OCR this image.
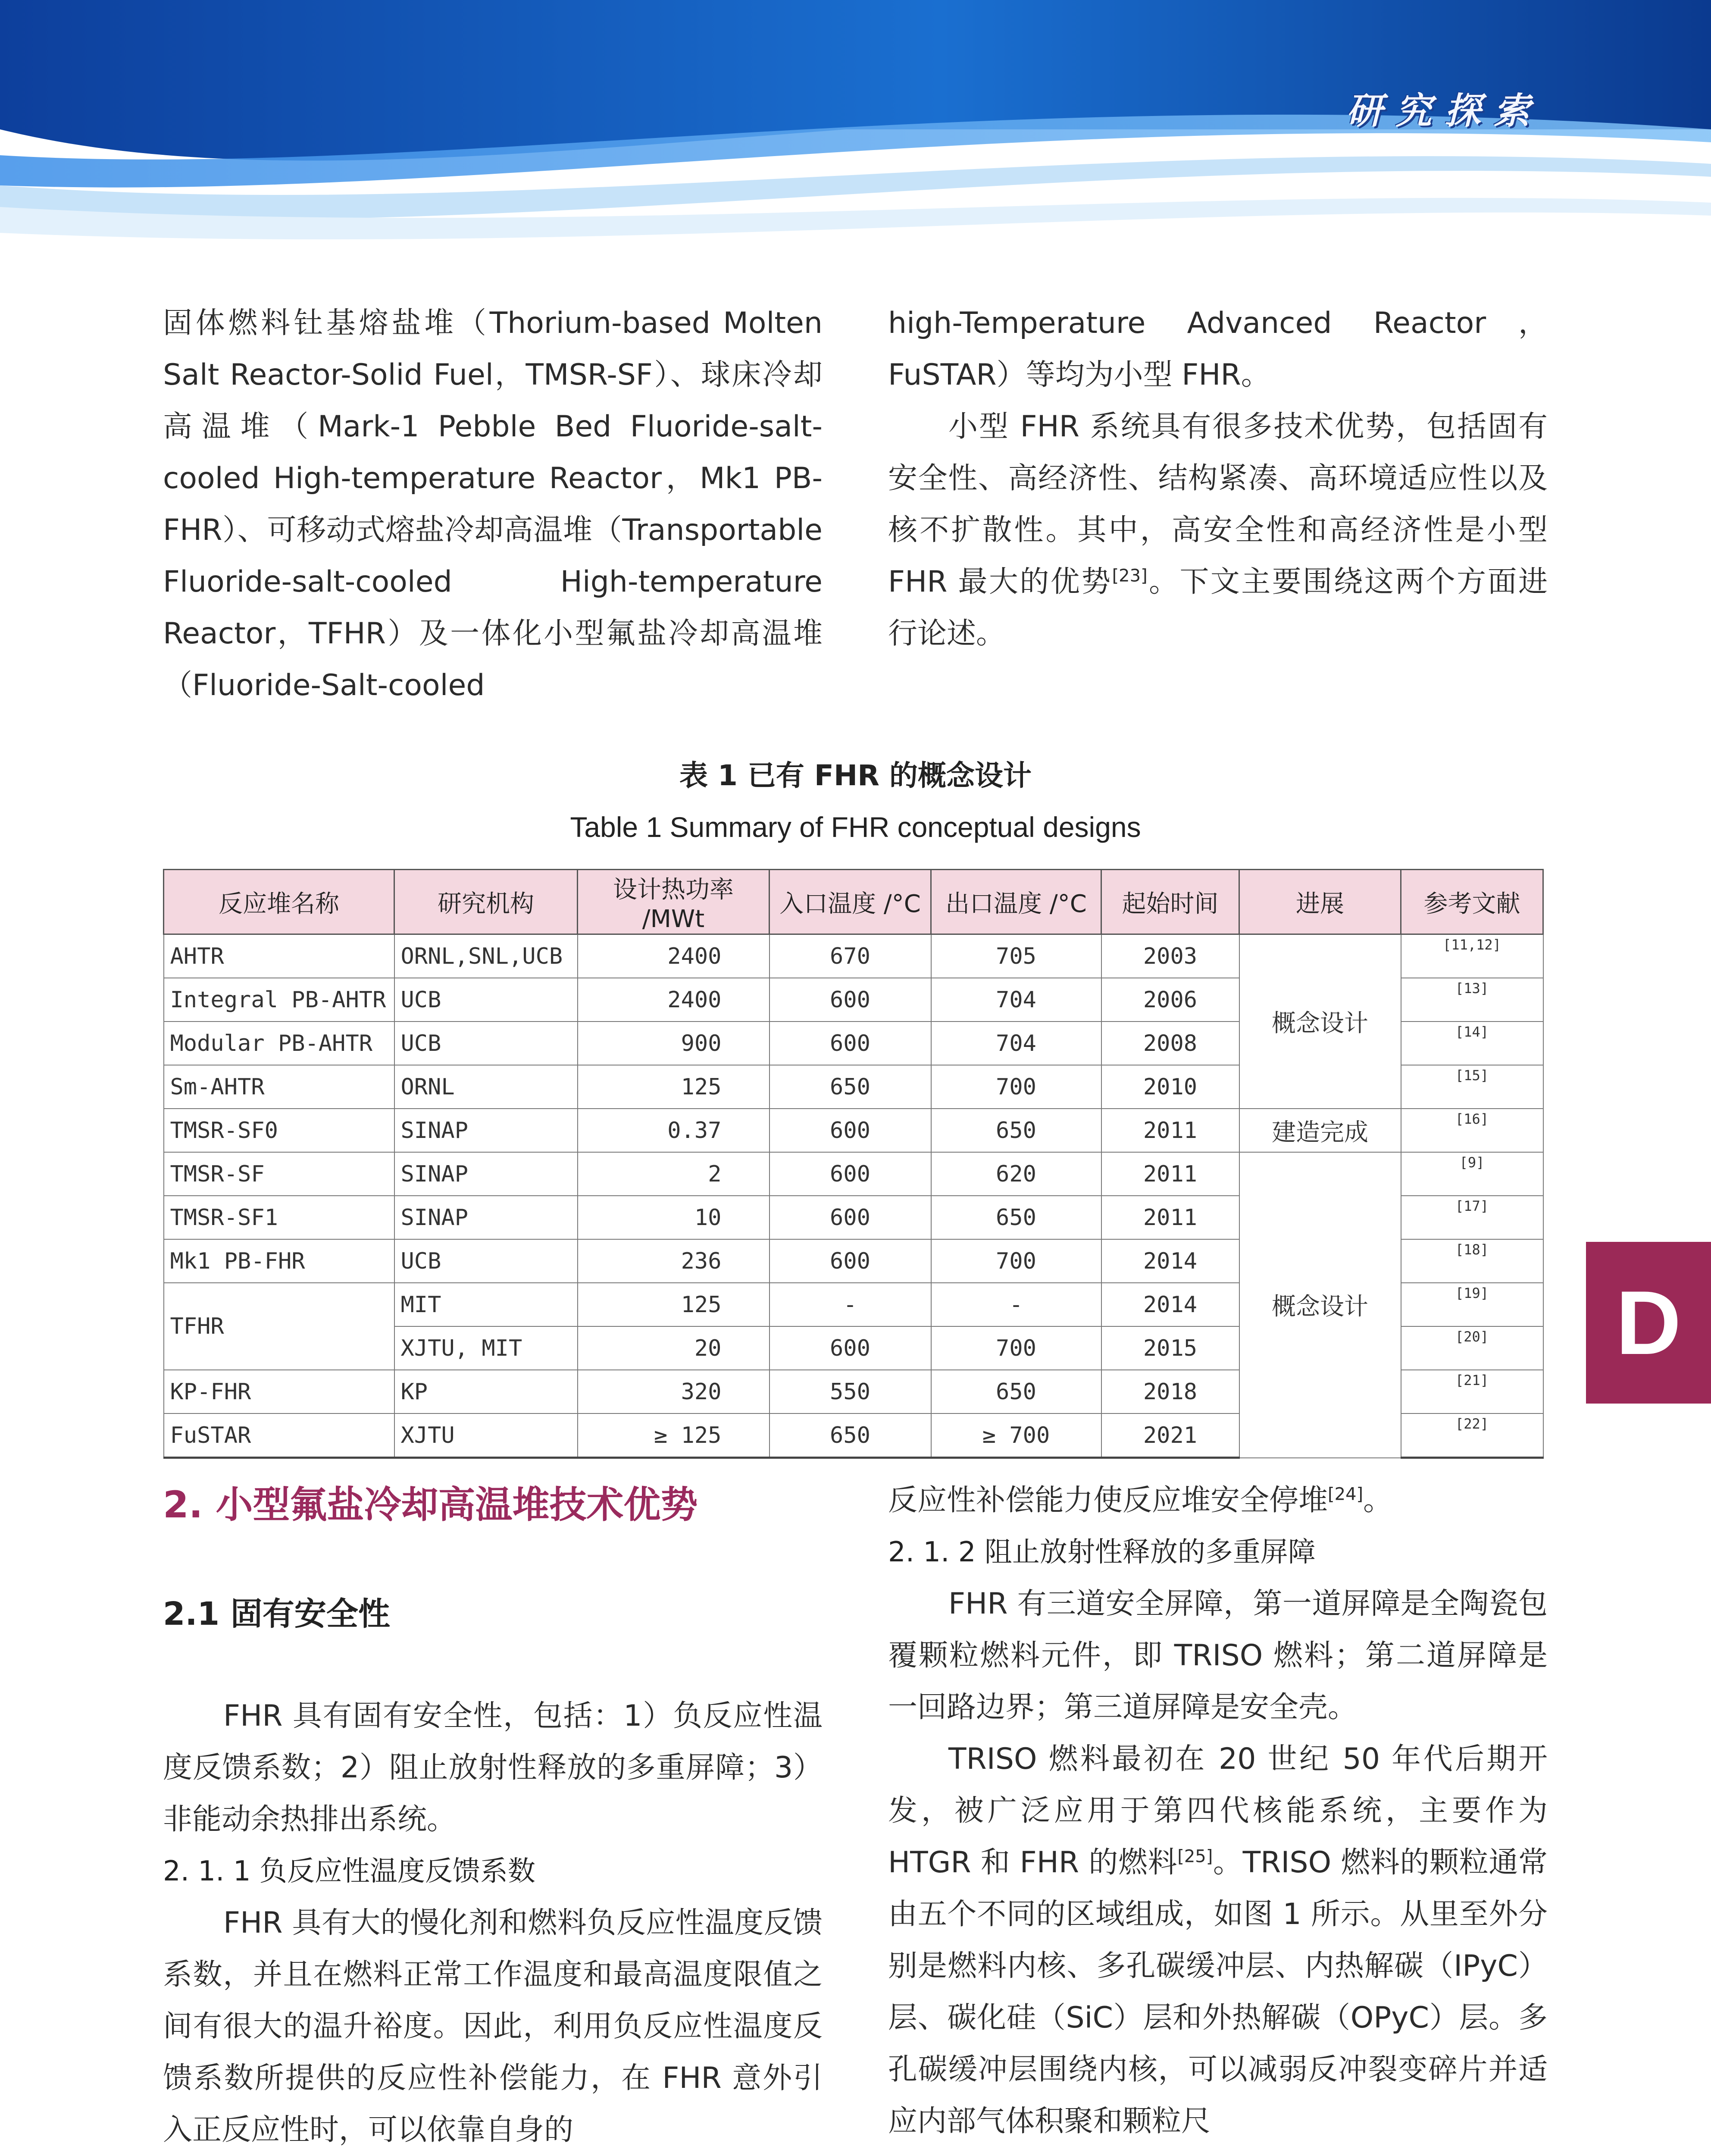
研究探索

固体燃料钍基熔盐堆（Thorium-based Molten Salt Reactor-Solid Fuel，TMSR-SF）、球床冷却高温堆（Mark-1 Pebble Bed Fluoride-salt-cooled High-temperature Reactor，Mk1 PB-FHR）、可移动式熔盐冷却高温堆（Transportable Fluoride-salt-cooled High-temperature Reactor，TFHR）及一体化小型氟盐冷却高温堆（Fluoride-Salt-cooled

high-Temperature Advanced Reactor，FuSTAR）等均为小型 FHR。

小型 FHR 系统具有很多技术优势，包括固有安全性、高经济性、结构紧凑、高环境适应性以及核不扩散性。其中，高安全性和高经济性是小型 FHR 最大的优势[23]。下文主要围绕这两个方面进行论述。

表 1 已有 FHR 的概念设计
Table 1 Summary of FHR conceptual designs
反应堆名称	研究机构	设计热功率 /MWt	入口温度 /°C	出口温度 /°C	起始时间	进展	参考文献
AHTR	ORNL,SNL,UCB	2400	670	705	2003	概念设计	[11,12]
Integral PB-AHTR	UCB	2400	600	704	2006		[13]
Modular PB-AHTR	UCB	900	600	704	2008		[14]
Sm-AHTR	ORNL	125	650	700	2010		[15]
TMSR-SF0	SINAP	0.37	600	650	2011	建造完成	[16]
TMSR-SF	SINAP	2	600	620	2011	概念设计	[9]
TMSR-SF1	SINAP	10	600	650	2011		[17]
Mk1 PB-FHR	UCB	236	600	700	2014		[18]
TFHR	MIT	125	-	-	2014		[19]
	XJTU, MIT	20	600	700	2015		[20]
KP-FHR	KP	320	550	650	2018		[21]
FuSTAR	XJTU	≥ 125	650	≥ 700	2021		[22]
2. 小型氟盐冷却高温堆技术优势
2.1 固有安全性

FHR 具有固有安全性，包括：1）负反应性温度反馈系数；2）阻止放射性释放的多重屏障；3）非能动余热排出系统。

2. 1. 1 负反应性温度反馈系数

FHR 具有大的慢化剂和燃料负反应性温度反馈系数，并且在燃料正常工作温度和最高温度限值之间有很大的温升裕度。因此，利用负反应性温度反馈系数所提供的反应性补偿能力，在 FHR 意外引入正反应性时，可以依靠自身的

反应性补偿能力使反应堆安全停堆[24]。

2. 1. 2 阻止放射性释放的多重屏障

FHR 有三道安全屏障，第一道屏障是全陶瓷包覆颗粒燃料元件，即 TRISO 燃料；第二道屏障是一回路边界；第三道屏障是安全壳。

TRISO 燃料最初在 20 世纪 50 年代后期开发，被广泛应用于第四代核能系统，主要作为 HTGR 和 FHR 的燃料[25]。TRISO 燃料的颗粒通常由五个不同的区域组成，如图 1 所示。从里至外分别是燃料内核、多孔碳缓冲层、内热解碳（IPyC）层、碳化硅（SiC）层和外热解碳（OPyC）层。多孔碳缓冲层围绕内核，可以减弱反冲裂变碎片并适应内部气体积聚和颗粒尺

D
